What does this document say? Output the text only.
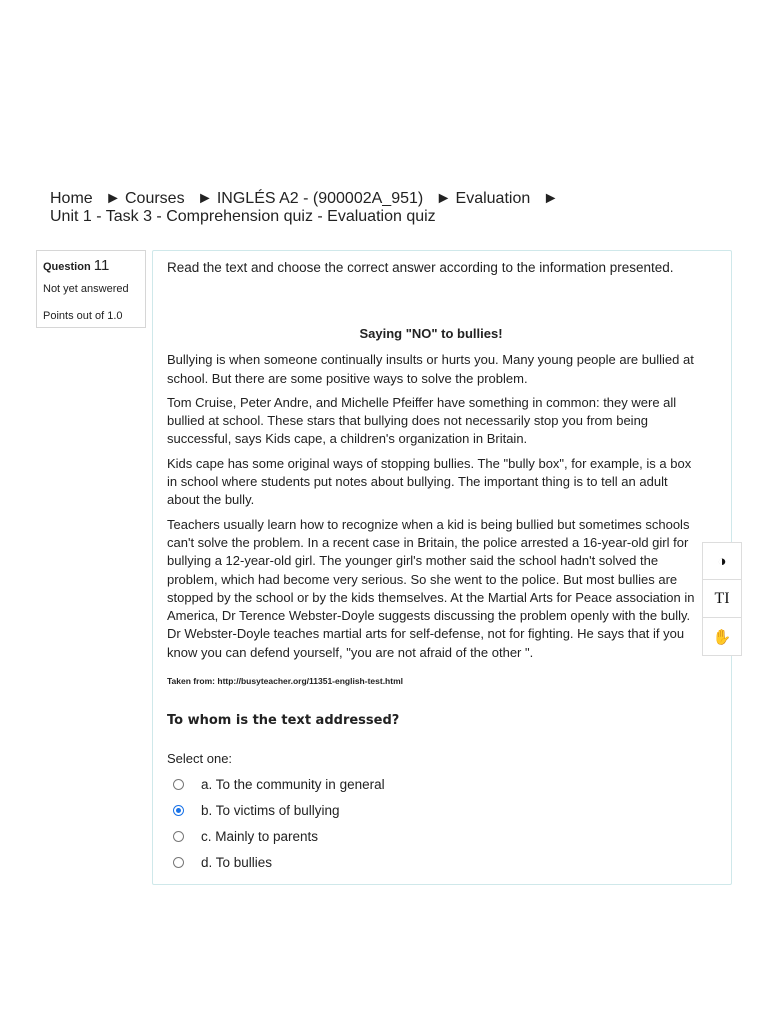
Home ► Courses ► INGLÉS A2 - (900002A_951) ► Evaluation ►
Unit 1 - Task 3 - Comprehension quiz - Evaluation quiz
Question 11
Not yet answered
Points out of 1.0
Read the text and choose the correct answer according to the information presented.
Saying "NO" to bullies!

Bullying is when someone continually insults or hurts you. Many young people are bullied at school. But there are some positive ways to solve the problem.

Tom Cruise, Peter Andre, and Michelle Pfeiffer have something in common: they were all bullied at school. These stars that bullying does not necessarily stop you from being successful, says Kids cape, a children's organization in Britain.

Kids cape has some original ways of stopping bullies. The "bully box", for example, is a box in school where students put notes about bullying. The important thing is to tell an adult about the bully.

Teachers usually learn how to recognize when a kid is being bullied but sometimes schools can't solve the problem. In a recent case in Britain, the police arrested a 16-year-old girl for bullying a 12-year-old girl. The younger girl's mother said the school hadn't solved the problem, which had become very serious. So she went to the police. But most bullies are stopped by the school or by the kids themselves. At the Martial Arts for Peace association in America, Dr Terence Webster-Doyle suggests discussing the problem openly with the bully. Dr Webster-Doyle teaches martial arts for self-defense, not for fighting. He says that if you know you can defend yourself, "you are not afraid of the other ".

Taken from: http://busyteacher.org/11351-english-test.html

To whom is the text addressed?
Select one:
a. To the community in general
b. To victims of bullying
c. Mainly to parents
d. To bullies
◑
TI
✋
